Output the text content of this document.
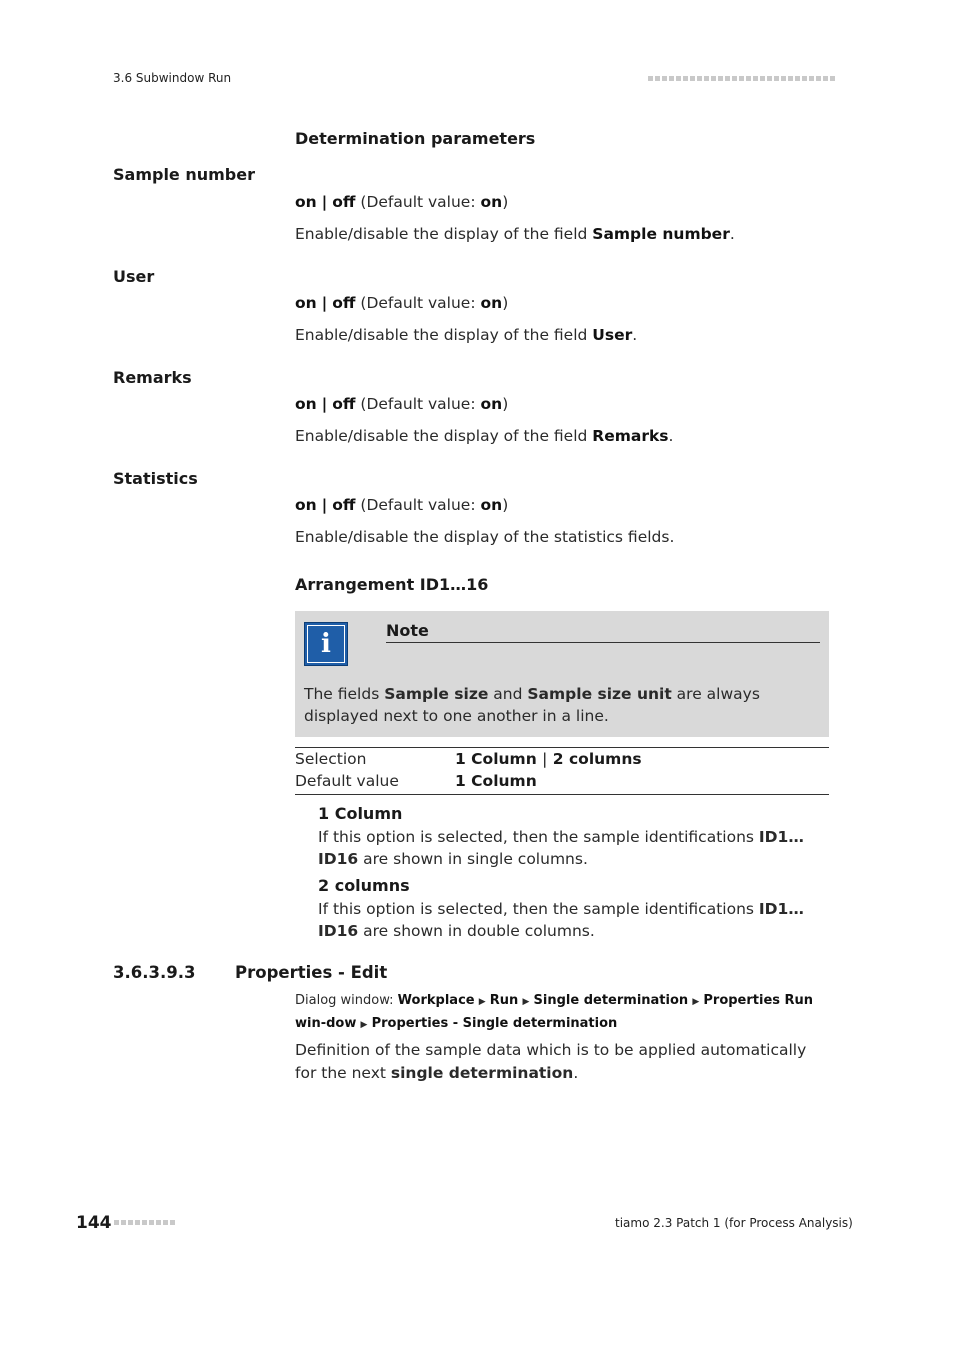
3.6 Subwindow Run
Determination parameters
Sample number
on | off (Default value: on)
Enable/disable the display of the field Sample number.
User
on | off (Default value: on)
Enable/disable the display of the field User.
Remarks
on | off (Default value: on)
Enable/disable the display of the field Remarks.
Statistics
on | off (Default value: on)
Enable/disable the display of the statistics fields.
Arrangement ID1…16
i	Note
The fields Sample size and Sample size unit are always displayed next to one another in a line.
Selection	1 Column | 2 columns
Default value	1 Column
1 Column
If this option is selected, then the sample identifications ID1…ID16 are shown in single columns.
2 columns
If this option is selected, then the sample identifications ID1…ID16 are shown in double columns.
3.6.3.9.3 Properties - Edit
Dialog window: Workplace ▶ Run ▶ Single determination ▶ Properties Run win-dow ▶ Properties - Single determination
Definition of the sample data which is to be applied automatically for the next single determination.
144	tiamo 2.3 Patch 1 (for Process Analysis)
